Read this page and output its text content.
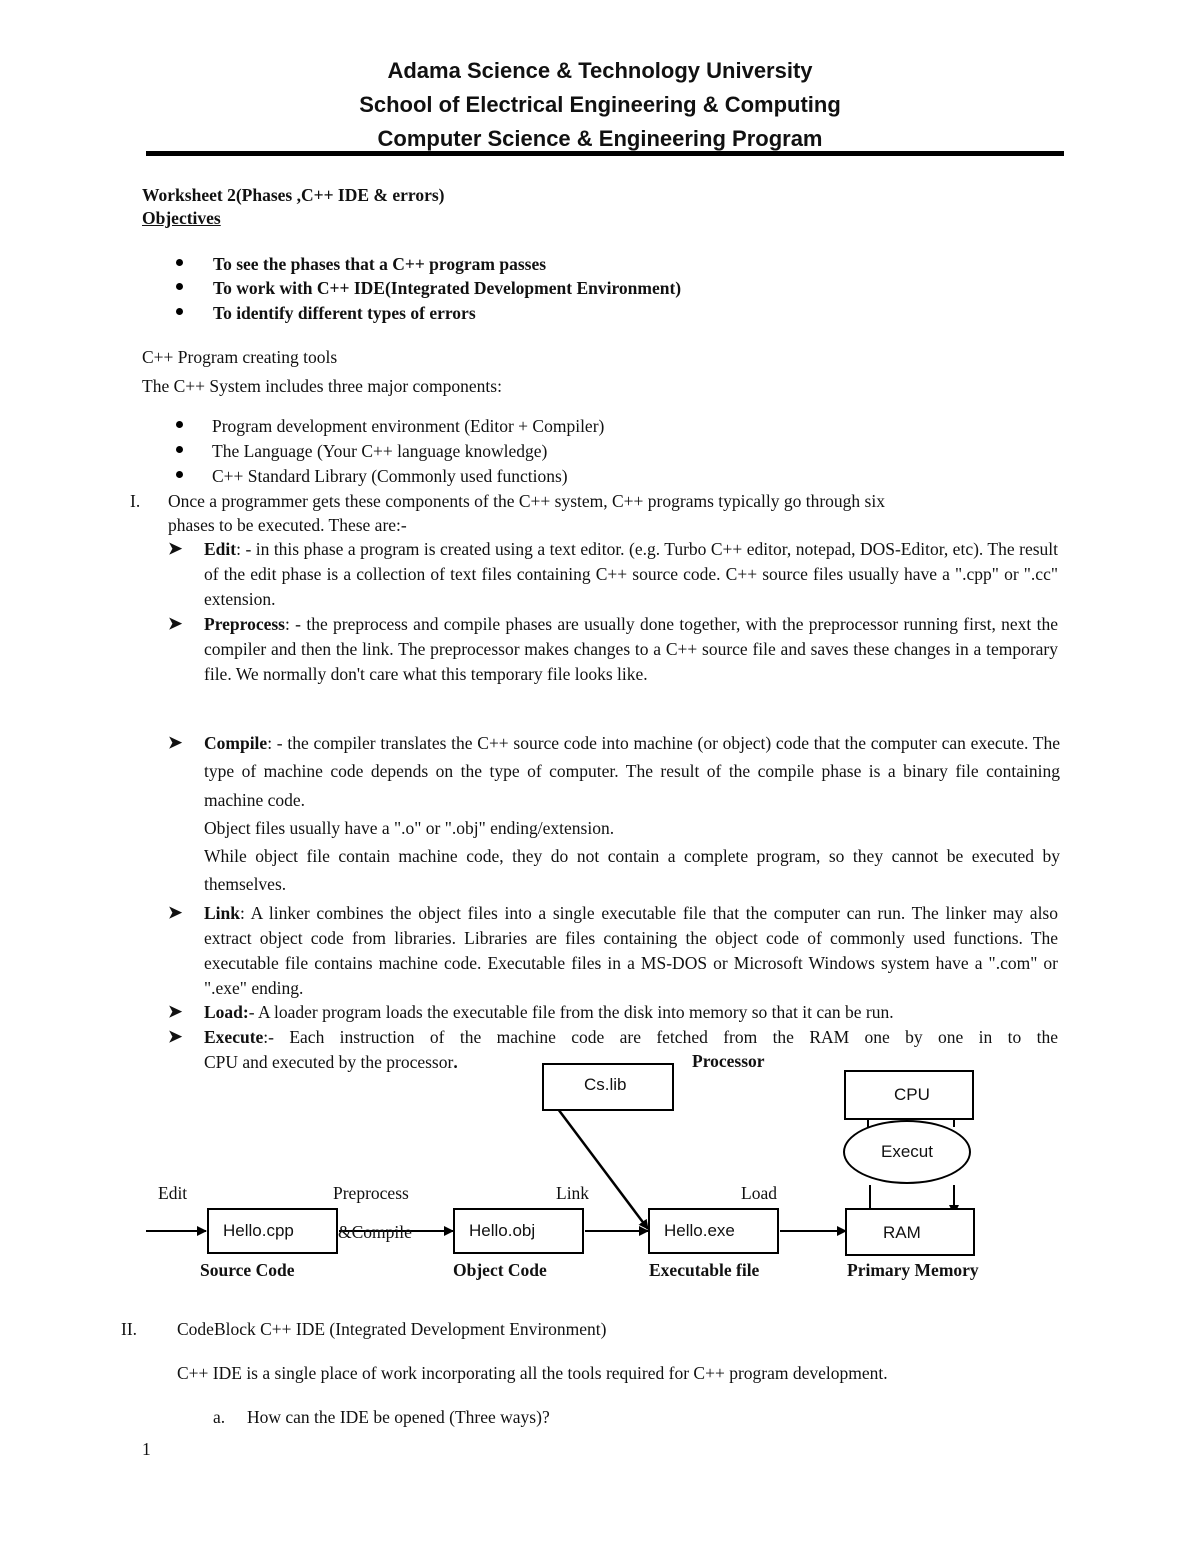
Adama Science & Technology University
School of Electrical Engineering & Computing
Computer Science & Engineering Program
Worksheet 2(Phases ,C++ IDE & errors)
Objectives
To see the phases that a C++ program passes
To work with C++ IDE(Integrated Development Environment)
To identify different types of errors
C++ Program creating tools
The C++ System includes three major components:
Program development environment (Editor + Compiler)
The Language (Your C++ language knowledge)
C++ Standard Library (Commonly used functions)
I. Once a programmer gets these components of the C++ system, C++ programs typically go through six
phases to be executed. These are:-
➤ Edit: - in this phase a program is created using a text editor. (e.g. Turbo C++ editor, notepad, DOS-Editor, etc). The result of the edit phase is a collection of text files containing C++ source code. C++ source files usually have a ".cpp" or ".cc" extension.
➤ Preprocess: - the preprocess and compile phases are usually done together, with the preprocessor running first, next the compiler and then the link. The preprocessor makes changes to a C++ source file and saves these changes in a temporary file. We normally don't care what this temporary file looks like.
➤ Compile: - the compiler translates the C++ source code into machine (or object) code that the computer can execute. The type of machine code depends on the type of computer. The result of the compile phase is a binary file containing machine code.
Object files usually have a ".o" or ".obj" ending/extension.
While object file contain machine code, they do not contain a complete program, so they cannot be executed by themselves.
➤ Link: A linker combines the object files into a single executable file that the computer can run. The linker may also extract object code from libraries. Libraries are files containing the object code of commonly used functions. The executable file contains machine code. Executable files in a MS-DOS or Microsoft Windows system have a ".com" or ".exe" ending.
➤ Load:- A loader program loads the executable file from the disk into memory so that it can be run.
➤ Execute:- Each instruction of the machine code are fetched from the RAM one by one in to the
CPU and executed by the processor.	Processor
Cs.lib
CPU
Execut
Edit	Preprocess	Link	Load
Hello.cpp	&Compile	Hello.obj	Hello.exe	RAM
Source Code	Object Code	Executable file	Primary Memory
II. CodeBlock C++ IDE (Integrated Development Environment)
C++ IDE is a single place of work incorporating all the tools required for C++ program development.
a. How can the IDE be opened (Three ways)?
1
